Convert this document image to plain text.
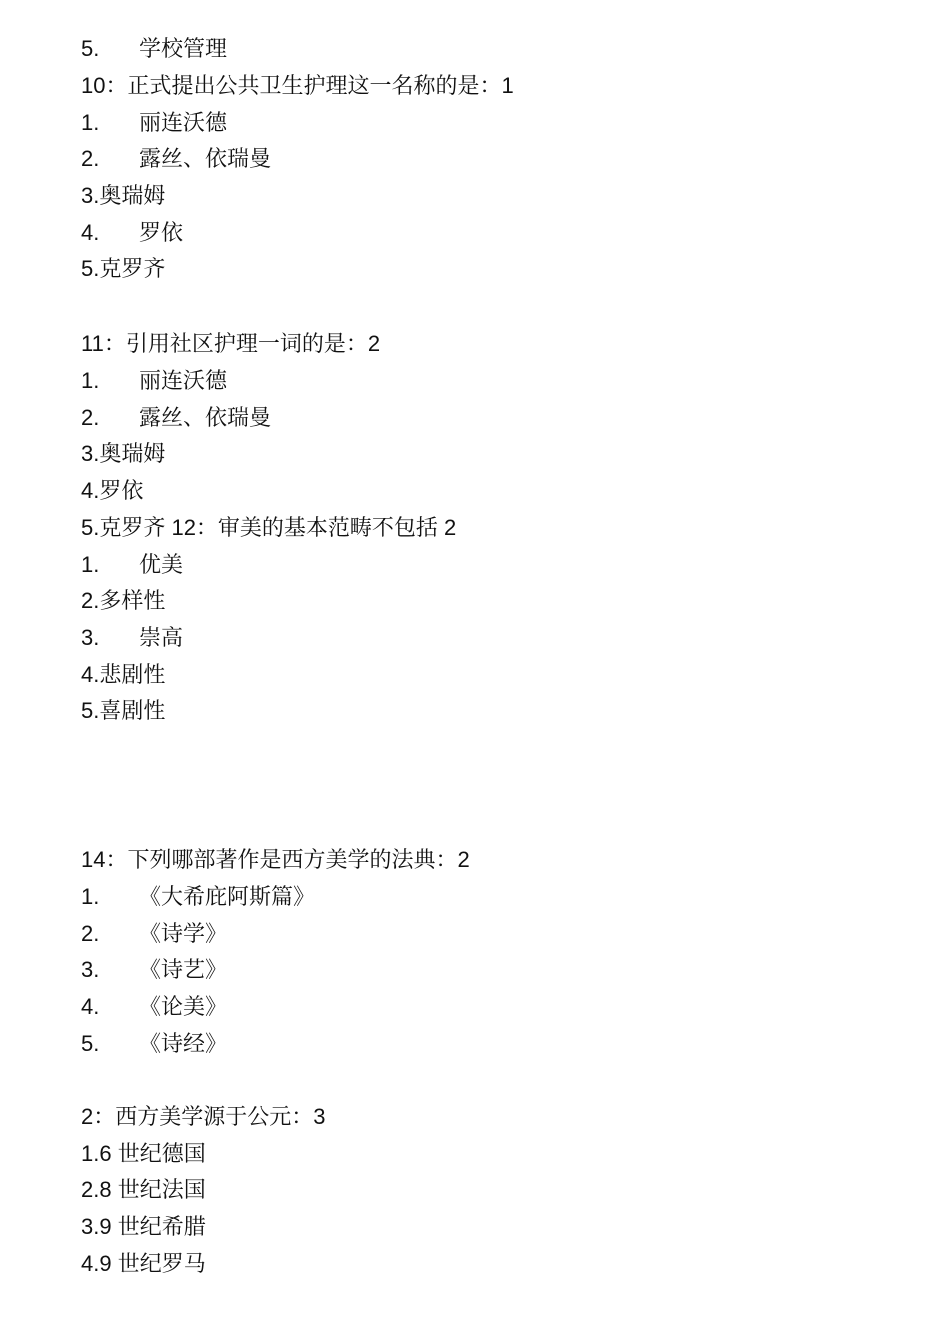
5. 学校管理
10：正式提出公共卫生护理这一名称的是：1
1. 丽连沃德
2. 露丝、依瑞曼
3.奥瑞姆
4. 罗依
5.克罗齐
11：引用社区护理一词的是：2
1. 丽连沃德
2. 露丝、依瑞曼
3.奥瑞姆
4.罗依
5.克罗齐 12：审美的基本范畴不包括 2
1. 优美
2.多样性
3. 崇高
4.悲剧性
5.喜剧性
14：下列哪部著作是西方美学的法典：2
1. 《大希庇阿斯篇》
2. 《诗学》
3. 《诗艺》
4. 《论美》
5. 《诗经》
2：西方美学源于公元：3
1.6 世纪德国
2.8 世纪法国
3.9 世纪希腊
4.9 世纪罗马
